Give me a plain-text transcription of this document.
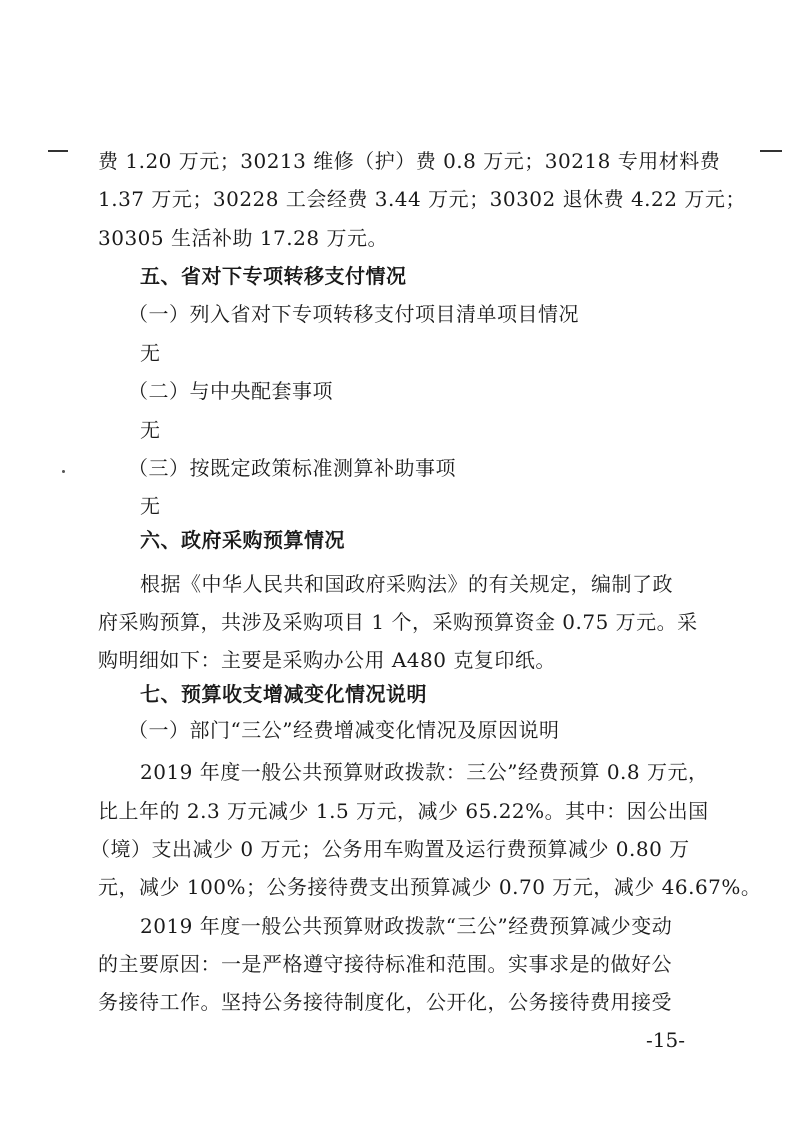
费 1.20 万元；30213 维修（护）费 0.8 万元；30218 专用材料费
1.37 万元；30228 工会经费 3.44 万元；30302 退休费 4.22 万元；
30305 生活补助 17.28 万元。
五、省对下专项转移支付情况
（一）列入省对下专项转移支付项目清单项目情况
无
（二）与中央配套事项
无
（三）按既定政策标准测算补助事项
无
六、政府采购预算情况
根据《中华人民共和国政府采购法》的有关规定，编制了政
府采购预算，共涉及采购项目 1 个，采购预算资金 0.75 万元。采
购明细如下：主要是采购办公用 A480 克复印纸。
七、预算收支增减变化情况说明
（一）部门“三公”经费增减变化情况及原因说明
2019 年度一般公共预算财政拨款：三公”经费预算 0.8 万元，
比上年的 2.3 万元减少 1.5 万元，减少 65.22%。其中：因公出国
（境）支出减少 0 万元；公务用车购置及运行费预算减少 0.80 万
元，减少 100%；公务接待费支出预算减少 0.70 万元，减少 46.67%。
2019 年度一般公共预算财政拨款“三公”经费预算减少变动
的主要原因：一是严格遵守接待标准和范围。实事求是的做好公
务接待工作。坚持公务接待制度化，公开化，公务接待费用接受
-15-
